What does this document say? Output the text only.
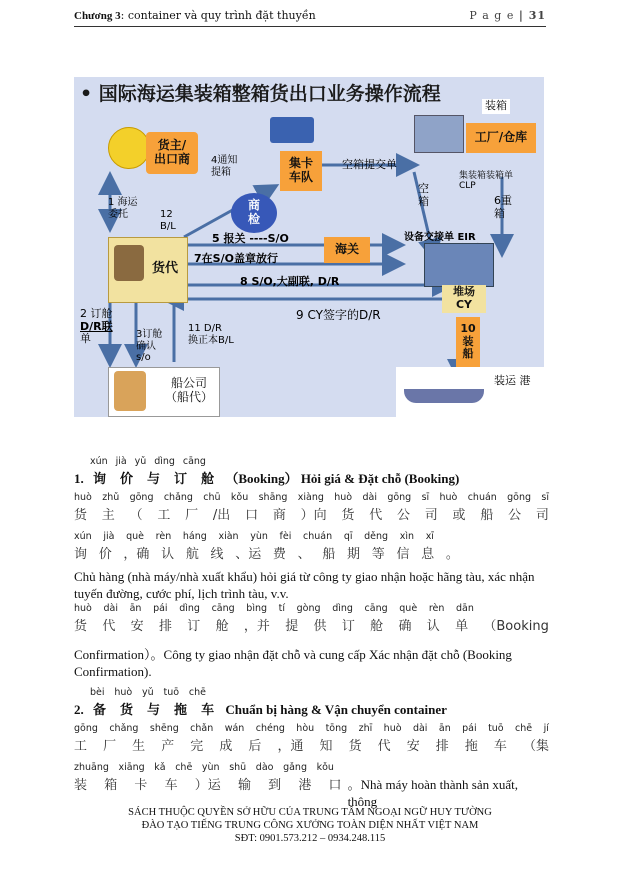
Chương 3: container và quy trình đặt thuyền	P a g e | 31
• 国际海运集装箱整箱货出口业务操作流程
货主/
出口商	4通知
提箱
集卡
车队
空箱提交单
装箱
工厂/仓库
1 海运
委托	12
B/L
商
检
空
箱
集装箱装箱单
CLP
6重
箱
5 报关 ----S/O
海关
设备交接单 EIR
货代
7在S/O盖章放行
堆场
CY
8 S/O,大副联, D/R
9 CY签字的D/R
2 订舱
D/R联
单	3订舱
确认
s/o
11 D/R
换正本B/L
10
装
船
船公司
（船代）
装运 港
xún jià yǔ dìng cāng
1. 询 价 与 订 舱 （Booking） Hỏi giá & Đặt chỗ (Booking)
huò zhǔ gōng chǎng chū kǒu shāng xiàng huò dài gōng sī huò chuán gōng sī
货 主 （ 工 厂 /出 口 商 ）向 货 代 公 司 或 船 公 司
xún jià què rèn háng xiàn yùn fèi chuán qī děng xìn xī
询 价 ，确 认 航 线 、运 费 、 船 期 等 信 息 。
Chủ hàng (nhà máy/nhà xuất khẩu) hỏi giá từ công ty giao nhận hoặc hãng tàu, xác nhận tuyến đường, cước phí, lịch trình tàu, v.v.
huò dài ān pái dìng cāng bìng tí gòng dìng cāng què rèn dān
货 代 安 排 订 舱 ，并 提 供 订 舱 确 认 单 （Booking
Confirmation）。Công ty giao nhận đặt chỗ và cung cấp Xác nhận đặt chỗ (Booking Confirmation).
bèi huò yǔ tuō chē
2. 备 货 与 拖 车 Chuẩn bị hàng & Vận chuyển container
gōng chǎng shēng chǎn wán chéng hòu tōng zhī huò dài ān pái tuō chē jí
工 厂 生 产 完 成 后 ，通 知 货 代 安 排 拖 车 （集
zhuāng xiāng kǎ chē yùn shū dào gǎng kǒu
装 箱 卡 车 ）运 输 到 港 口 。Nhà máy hoàn thành sản xuất, thông
SÁCH THUỘC QUYỀN SỞ HỮU CỦA TRUNG TÂM NGOẠI NGỮ HUY TƯỜNG
ĐÀO TẠO TIẾNG TRUNG CÔNG XƯỞNG TOÀN DIỆN NHẤT VIỆT NAM
SĐT: 0901.573.212 – 0934.248.115
